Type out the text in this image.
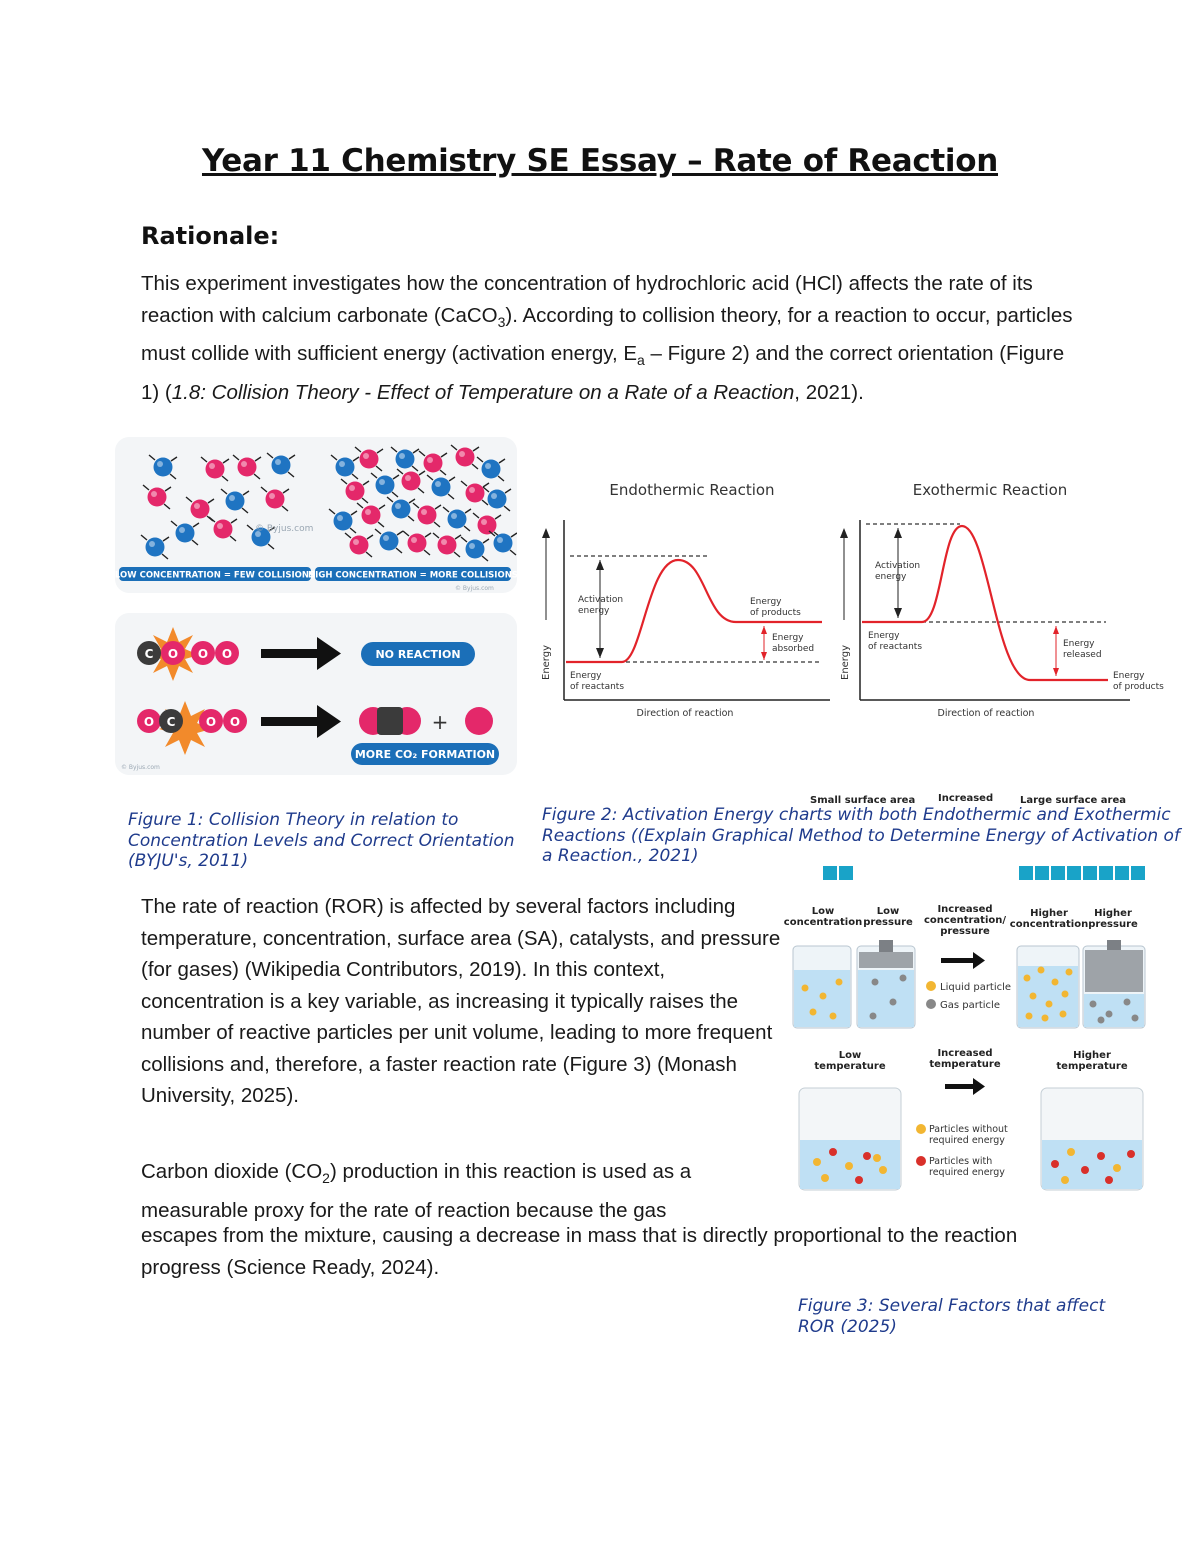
Year 11 Chemistry SE Essay – Rate of Reaction
Rationale:
This experiment investigates how the concentration of hydrochloric acid (HCl) affects the rate of its reaction with calcium carbonate (CaCO$_3$). According to collision theory, for a reaction to occur, particles must collide with sufficient energy (activation energy, $E_a$ – Figure 2) and the correct orientation (Figure 1) (1.8: Collision Theory - Effect of Temperature on a Rate of a Reaction, 2021).
LOW CONCENTRATION = FEW COLLISIONS
HIGH CONCENTRATION = MORE COLLISIONS
© Byjus.com
© Byjus.com
C O O O	NO REACTION
O C	O O	+
MORE CO₂ FORMATION
© Byjus.com
Endothermic Reaction
Energy
Direction of reaction
Activation energy
Energy of products
Energy absorbed
Energy of reactants
Exothermic Reaction
Energy
Direction of reaction
Activation energy
Energy of reactants	Energy released
Energy of products
Small surface area Increased	Large surface area
Figure 1: Collision Theory in relation to Concentration Levels and Correct Orientation (BYJU's, 2011)
Figure 2: Activation Energy charts with both Endothermic and Exothermic Reactions ((Explain Graphical Method to Determine Energy of Activation of a Reaction., 2021)
Low concentration
Low pressure
Increased concentration/ pressure
Higher concentration
Higher pressure
Low temperature
Increased temperature
Higher temperature
Liquid particle
Gas particle
Particles without required energy
Particles with required energy
The rate of reaction (ROR) is affected by several factors including temperature, concentration, surface area (SA), catalysts, and pressure (for gases) (Wikipedia Contributors, 2019). In this context, concentration is a key variable, as increasing it typically raises the number of reactive particles per unit volume, leading to more frequent collisions and, therefore, a faster reaction rate (Figure 3) (Monash University, 2025).
Carbon dioxide $(CO_2)$ production in this reaction is used as a measurable proxy for the rate of reaction because the gas
escapes from the mixture, causing a decrease in mass that is directly proportional to the reaction progress (Science Ready, 2024).
Figure 3: Several Factors that affect ROR (2025)
